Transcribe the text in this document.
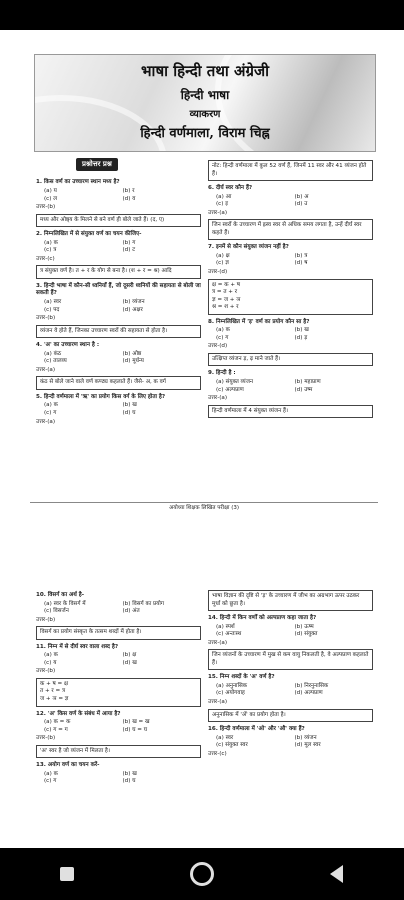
भाषा हिन्दी तथा अंग्रेजी
हिन्दी भाषा
व्याकरण
हिन्दी वर्णमाला, विराम चिह्न
प्रश्नोत्तर प्रश्न
1. किस वर्ण का उच्चारण स्थान मध्य है?
(a) य	(b) र
(c) ल	(d) व
उत्तर-(b)
मध्य और ओष्ठ्य के मिलने से बने वर्ण ही बोले जाते हैं। (द, ए)
2. निम्नलिखित में से संयुक्त वर्ण का चयन कीजिए-
(a) क	(b) ग
(c) त्र	(d) ट
उत्तर-(c)
त्र संयुक्त वर्ण है। त + र के योग से बना है। (श + र = श्र) आदि
3. हिन्दी भाषा में कौन-सी ध्वनियाँ हैं, जो दूसरी ध्वनियों की सहायता से बोली जा सकती हैं?
(a) स्वर	(b) व्यंजन
(c) पद	(d) अक्षर
उत्तर-(b)
व्यंजन वे होते हैं, जिनका उच्चारण स्वरों की सहायता से होता है।
4. 'अ' का उच्चारण स्थान है :
(a) कंठ	(b) ओष्ठ
(c) तालव्य	(d) मूर्धन्य
उत्तर-(a)
कंठ से बोले जाने वाले वर्ण कण्ठ्य कहलाते हैं। जैसे- अ, क वर्ग
5. हिन्दी वर्णमाला में 'ऋ' का प्रयोग किस वर्ग के लिए होता है?
(a) क	(b) ख
(c) ग	(d) घ
उत्तर-(a)
नोट: हिन्दी वर्णमाला में कुल 52 वर्ण हैं, जिनमें 11 स्वर और 41 व्यंजन होते हैं।
6. दीर्घ स्वर कौन हैं?
(a) आ	(b) अ
(c) इ	(d) उ
उत्तर-(a)
जिन स्वरों के उच्चारण में ह्रस्व स्वर से अधिक समय लगता है, उन्हें दीर्घ स्वर कहते हैं।
7. इनमें से कौन संयुक्त व्यंजन नहीं है?
(a) क्ष	(b) त्र
(c) ज्ञ	(d) ष
उत्तर-(d)
क्ष = क + ष
त्र = त + र
ज्ञ = ज + ञ
श्र = श + र
8. निम्नलिखित में 'ड़' वर्ण का प्रयोग कौन सा है?
(a) क	(b) ख
(c) ग	(d) ड़
उत्तर-(d)
उत्क्षिप्त व्यंजन ड़, ढ़ माने जाते हैं।
9. हिन्दी है :
(a) संयुक्त व्यंजन	(b) महाप्राण
(c) अल्पप्राण	(d) उष्म
उत्तर-(a)
हिन्दी वर्णमाला में 4 संयुक्त व्यंजन हैं।
अयोध्या शिक्षक लिखित परीक्षा (3)
10. विसर्ग का अर्थ है-
(a) स्वर के विसर्ग में	(b) विसर्ग का प्रयोग
(c) विसर्जन	(d) अंत
उत्तर-(b)
विसर्ग का प्रयोग संस्कृत के तत्सम शब्दों में होता है।
11. निम्न में से दीर्घ स्वर वाला शब्द है?
(a) क	(b) क्ष
(c) य	(d) ख
उत्तर-(b)
क + ष = क्ष
त + र = त्र
ज + ञ = ज्ञ
12. 'अ' किस वर्ण के संबंध में आया है?
(a) क = क	(b) ख = ख
(c) ग = ग	(d) घ = घ
उत्तर-(b)
'अ' स्वर है जो व्यंजन में मिलता है।
13. अयोग वर्ण का चयन करें-
(a) क	(b) ख
(c) ग	(d) घ
भाषा विज्ञान की दृष्टि से 'ड़' के उच्चारण में जीभ का अग्रभाग ऊपर उठकर मूर्धा को छूता है।
14. हिन्दी में किन वर्णों को अल्पप्राण कहा जाता है?
(a) स्पर्श	(b) ऊष्म
(c) अन्तःस्थ	(d) संयुक्त
उत्तर-(a)
जिन व्यंजनों के उच्चारण में मुख से कम वायु निकलती है, वे अल्पप्राण कहलाते हैं।
15. निम्न शब्दों के 'अ' वर्ण है?
(a) अनुनासिक	(b) निरनुनासिक
(c) अयोगवाह	(d) अल्पप्राण
उत्तर-(a)
अनुनासिक में 'अँ' का प्रयोग होता है।
16. हिन्दी वर्णमाला में 'ओ' और 'औ' क्या हैं?
(a) स्वर	(b) व्यंजन
(c) संयुक्त स्वर	(d) मूल स्वर
उत्तर-(c)
